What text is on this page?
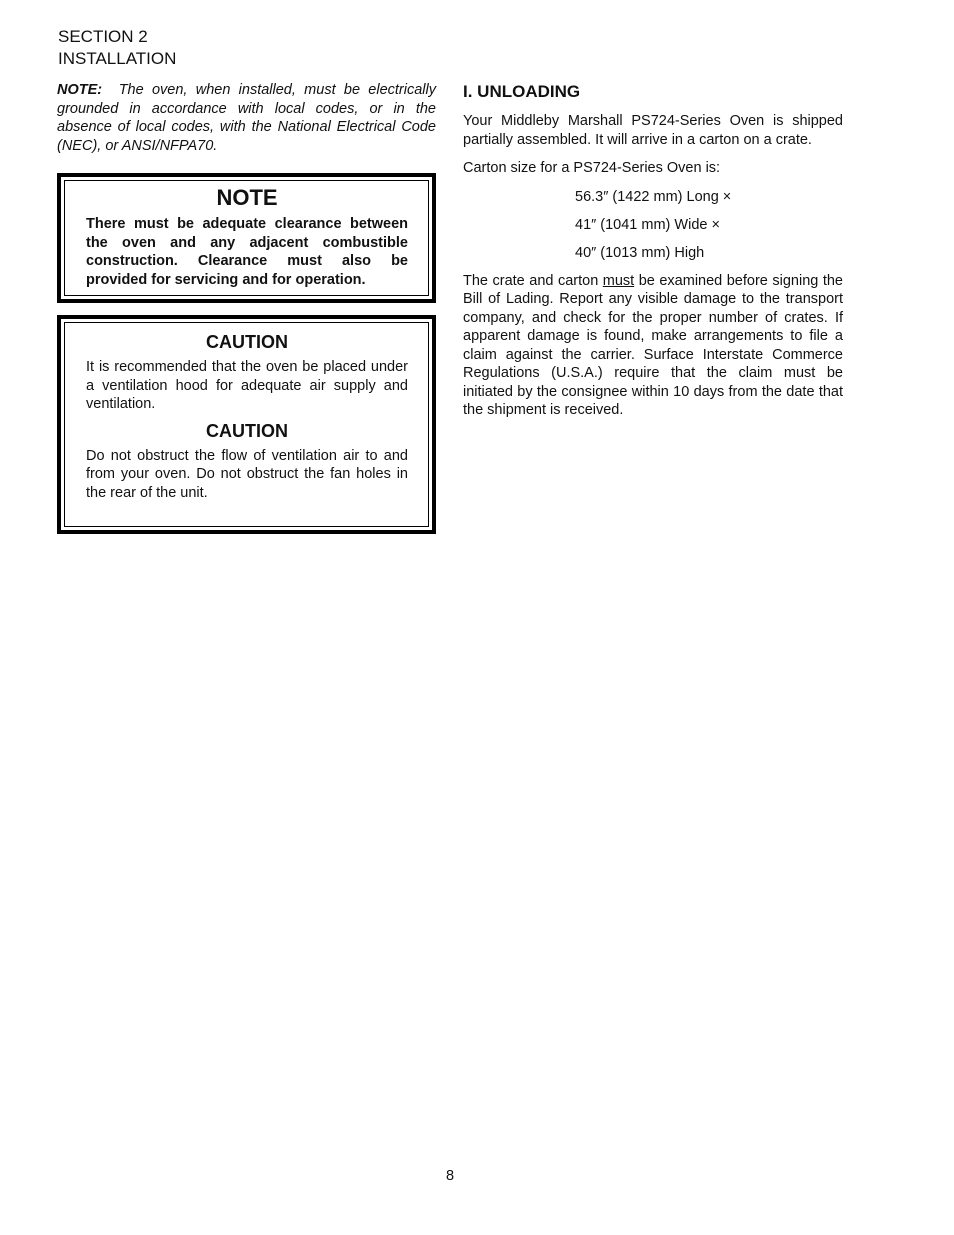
SECTION 2
INSTALLATION

NOTE: The oven, when installed, must be electrically grounded in accordance with local codes, or in the absence of local codes, with the National Electrical Code (NEC), or ANSI/NFPA70.

NOTE

There must be adequate clearance between the oven and any adjacent combustible construction. Clearance must also be provided for servicing and for operation.

CAUTION

It is recommended that the oven be placed under a ventilation hood for adequate air supply and ventilation.

CAUTION

Do not obstruct the flow of ventilation air to and from your oven. Do not obstruct the fan holes in the rear of the unit.

I. UNLOADING

Your Middleby Marshall PS724-Series Oven is shipped partially assembled. It will arrive in a carton on a crate.

Carton size for a PS724-Series Oven is:

56.3″ (1422 mm) Long ×
41″ (1041 mm) Wide ×
40″ (1013 mm) High

The crate and carton must be examined before signing the Bill of Lading. Report any visible damage to the transport company, and check for the proper number of crates. If apparent damage is found, make arrangements to file a claim against the carrier. Surface Interstate Commerce Regulations (U.S.A.) require that the claim must be initiated by the consignee within 10 days from the date that the shipment is received.

8
